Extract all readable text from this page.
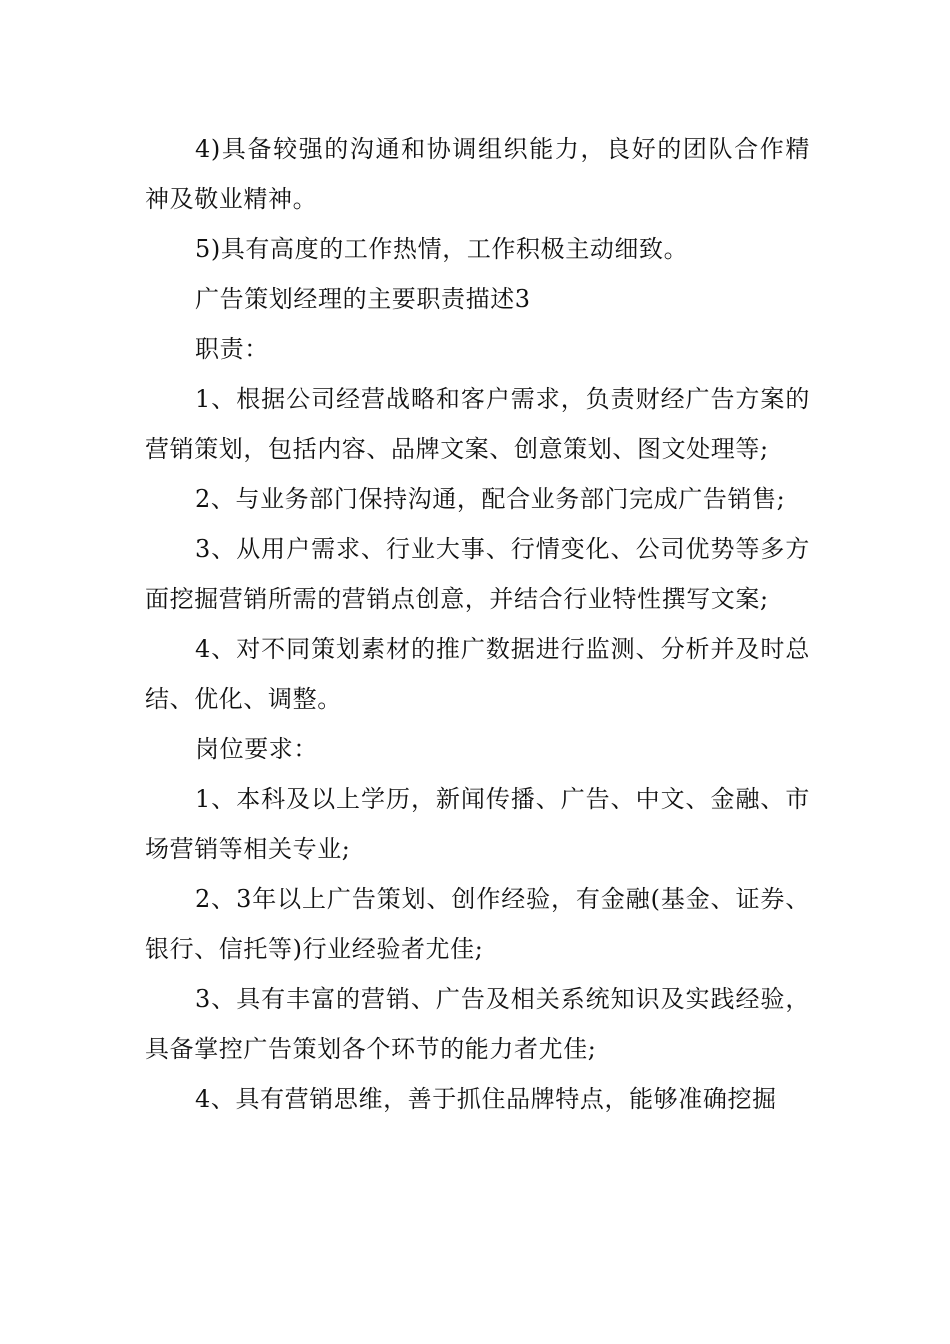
4)具备较强的沟通和协调组织能力，良好的团队合作精神及敬业精神。

5)具有高度的工作热情，工作积极主动细致。

广告策划经理的主要职责描述3

职责：

1、根据公司经营战略和客户需求，负责财经广告方案的营销策划，包括内容、品牌文案、创意策划、图文处理等;

2、与业务部门保持沟通，配合业务部门完成广告销售;

3、从用户需求、行业大事、行情变化、公司优势等多方面挖掘营销所需的营销点创意，并结合行业特性撰写文案;

4、对不同策划素材的推广数据进行监测、分析并及时总结、优化、调整。

岗位要求：

1、本科及以上学历，新闻传播、广告、中文、金融、市场营销等相关专业;

2、3年以上广告策划、创作经验，有金融(基金、证券、银行、信托等)行业经验者尤佳;

3、具有丰富的营销、广告及相关系统知识及实践经验，具备掌控广告策划各个环节的能力者尤佳;

4、具有营销思维，善于抓住品牌特点，能够准确挖掘
